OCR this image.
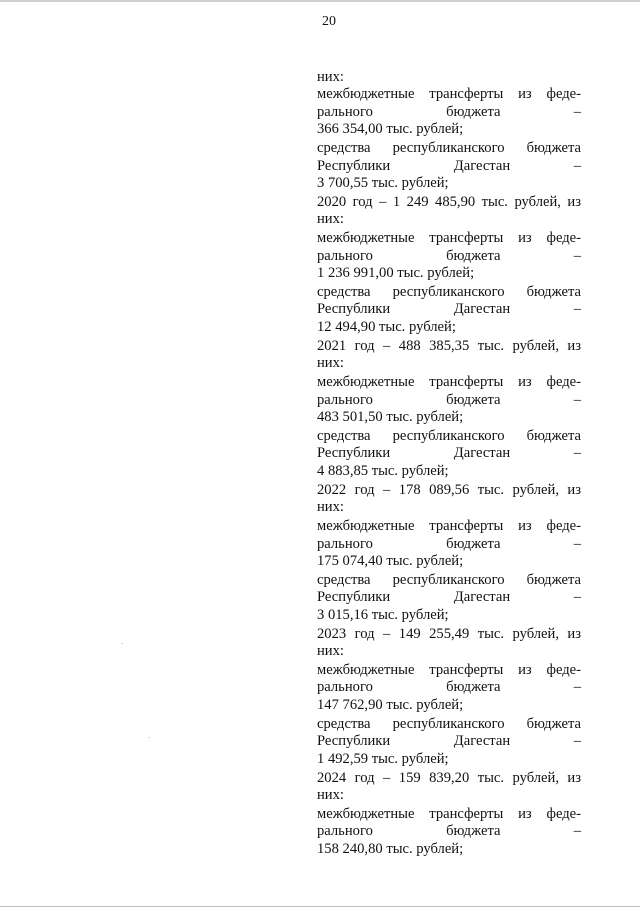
20
них:
межбюджетные трансферты из феде-
рального бюджета –
366 354,00 тыс. рублей;
средства республиканского бюджета
Республики Дагестан –
3 700,55 тыс. рублей;
2020 год – 1 249 485,90 тыс. рублей, из
них:
межбюджетные трансферты из феде-
рального бюджета –
1 236 991,00 тыс. рублей;
средства республиканского бюджета
Республики Дагестан –
12 494,90 тыс. рублей;
2021 год – 488 385,35 тыс. рублей, из
них:
межбюджетные трансферты из феде-
рального бюджета –
483 501,50 тыс. рублей;
средства республиканского бюджета
Республики Дагестан –
4 883,85 тыс. рублей;
2022 год – 178 089,56 тыс. рублей, из
них:
межбюджетные трансферты из феде-
рального бюджета –
175 074,40 тыс. рублей;
средства республиканского бюджета
Республики Дагестан –
3 015,16 тыс. рублей;
2023 год – 149 255,49 тыс. рублей, из
них:
межбюджетные трансферты из феде-
рального бюджета –
147 762,90 тыс. рублей;
средства республиканского бюджета
Республики Дагестан –
1 492,59 тыс. рублей;
2024 год – 159 839,20 тыс. рублей, из
них:
межбюджетные трансферты из феде-
рального бюджета –
158 240,80 тыс. рублей;
